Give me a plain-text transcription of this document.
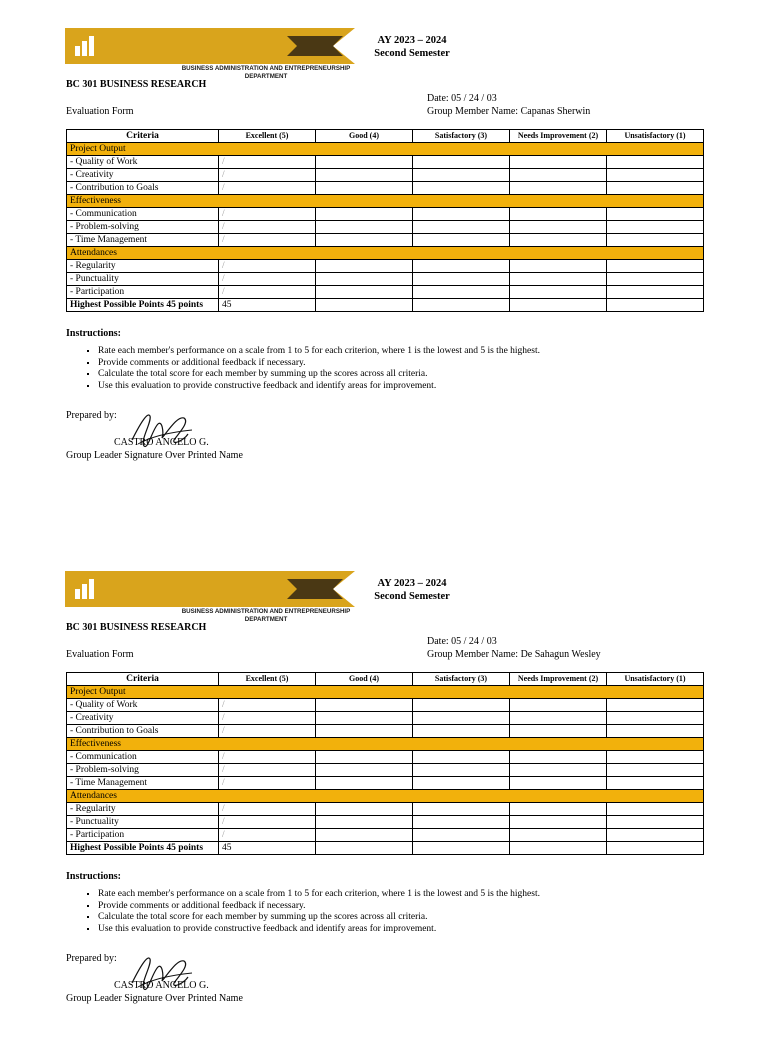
BUSINESS ADMINISTRATION AND ENTREPRENEURSHIP DEPARTMENT
AY 2023 – 2024
Second Semester
BC 301 BUSINESS RESEARCH
Date: 05 / 24 / 03
Evaluation Form	Group Member Name: Capanas Sherwin
Criteria	Excellent (5)	Good (4)	Satisfactory (3)	Needs Improvement (2)	Unsatisfactory (1)
Project Output					
- Quality of Work	/				
- Creativity	/				
- Contribution to Goals	/				
Effectiveness					
- Communication	/				
- Problem-solving	/				
- Time Management	/				
Attendances					
- Regularity	/				
- Punctuality	/				
- Participation	/				
Highest Possible Points 45 points	45				
Instructions:
▪ Rate each member's performance on a scale from 1 to 5 for each criterion, where 1 is the lowest and 5 is the highest.
▪ Provide comments or additional feedback if necessary.
▪ Calculate the total score for each member by summing up the scores across all criteria.
▪ Use this evaluation to provide constructive feedback and identify areas for improvement.
Prepared by:
CASTRO ANGELO G.
Group Leader Signature Over Printed Name
BUSINESS ADMINISTRATION AND ENTREPRENEURSHIP DEPARTMENT
AY 2023 – 2024
Second Semester
BC 301 BUSINESS RESEARCH
Date: 05 / 24 / 03
Evaluation Form	Group Member Name: De Sahagun Wesley
Criteria	Excellent (5)	Good (4)	Satisfactory (3)	Needs Improvement (2)	Unsatisfactory (1)
Project Output					
- Quality of Work	/				
- Creativity	/				
- Contribution to Goals	/				
Effectiveness					
- Communication	/				
- Problem-solving	/				
- Time Management	/				
Attendances					
- Regularity	/				
- Punctuality	/				
- Participation	/				
Highest Possible Points 45 points	45				
Instructions:
▪ Rate each member's performance on a scale from 1 to 5 for each criterion, where 1 is the lowest and 5 is the highest.
▪ Provide comments or additional feedback if necessary.
▪ Calculate the total score for each member by summing up the scores across all criteria.
▪ Use this evaluation to provide constructive feedback and identify areas for improvement.
Prepared by:
CASTRO ANGELO G.
Group Leader Signature Over Printed Name
